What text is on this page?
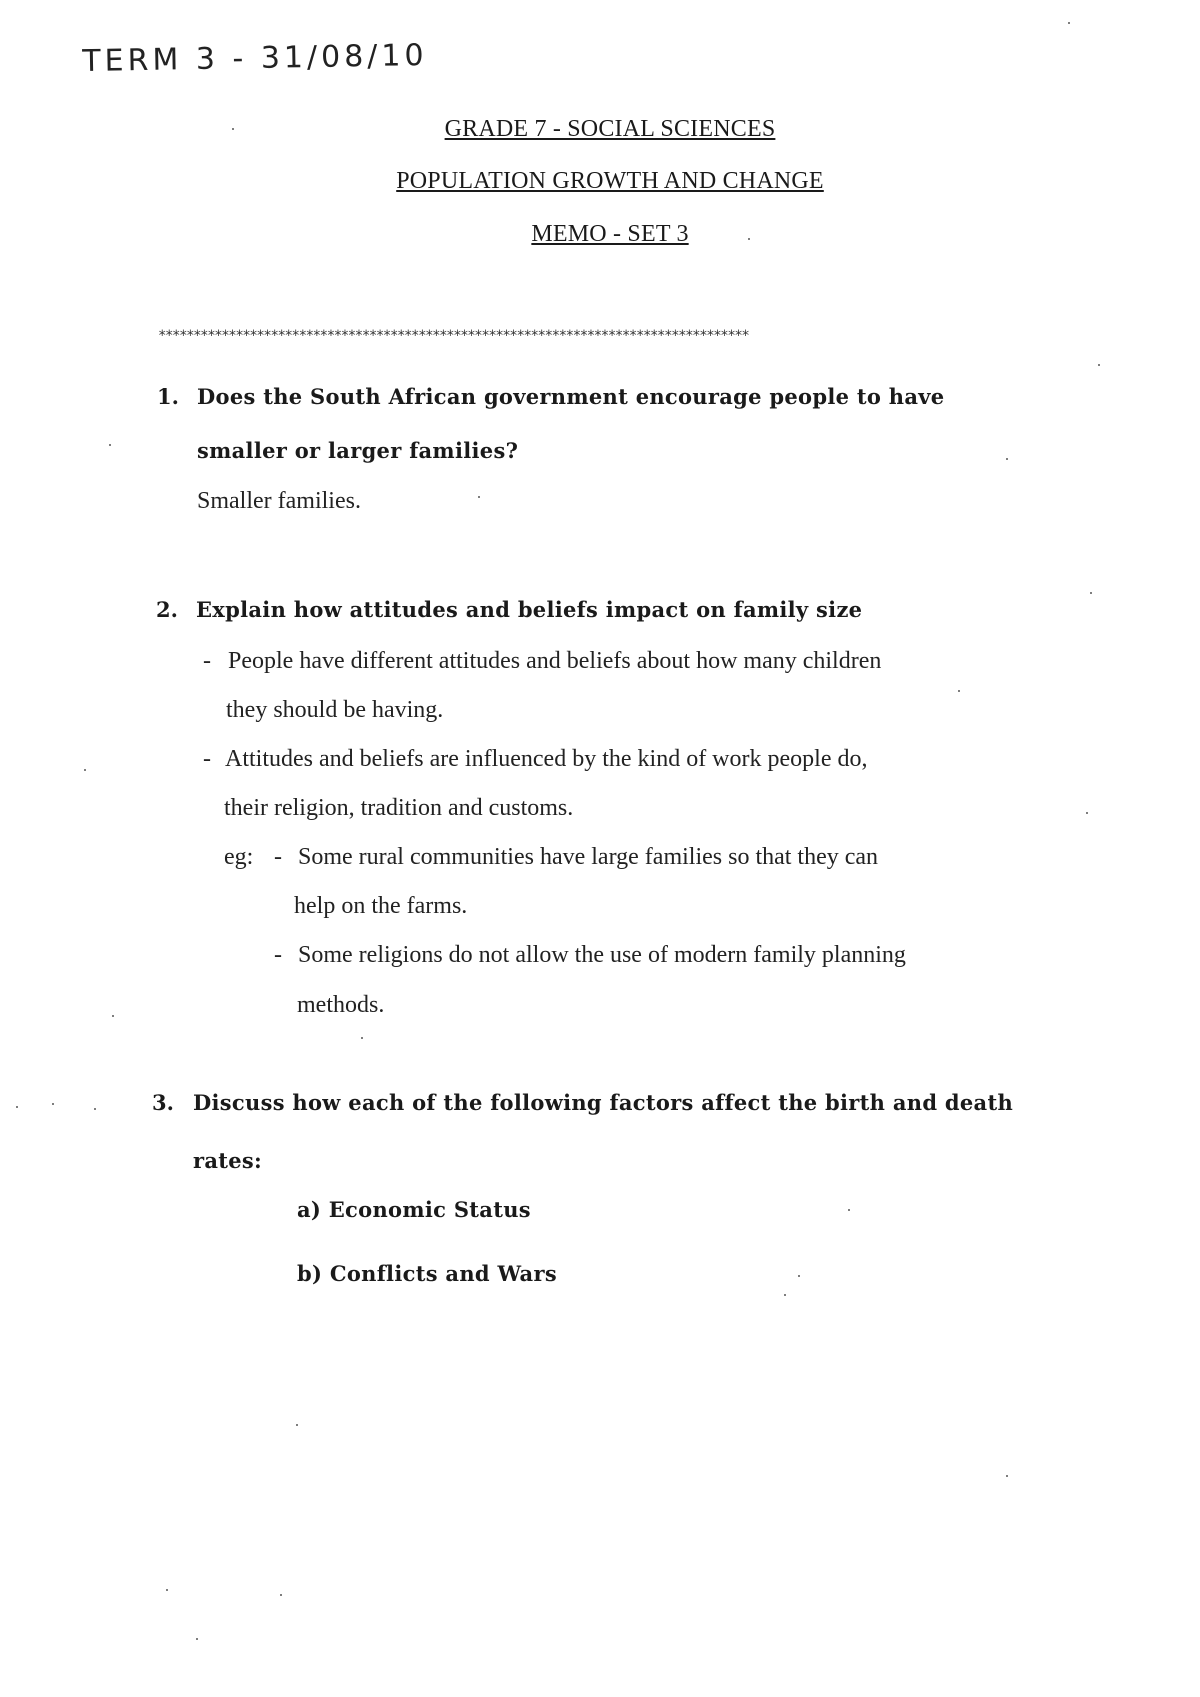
TERM 3 - 31/08/10
GRADE 7 - SOCIAL SCIENCES
POPULATION GROWTH AND CHANGE
MEMO - SET 3
************************************************************************************
1. Does the South African government encourage people to have
smaller or larger families?
Smaller families.
2. Explain how attitudes and beliefs impact on family size
- People have different attitudes and beliefs about how many children
they should be having.
- Attitudes and beliefs are influenced by the kind of work people do,
their religion, tradition and customs.
eg: - Some rural communities have large families so that they can
help on the farms.
- Some religions do not allow the use of modern family planning
methods.
3. Discuss how each of the following factors affect the birth and death
rates:
a) Economic Status
b) Conflicts and Wars
